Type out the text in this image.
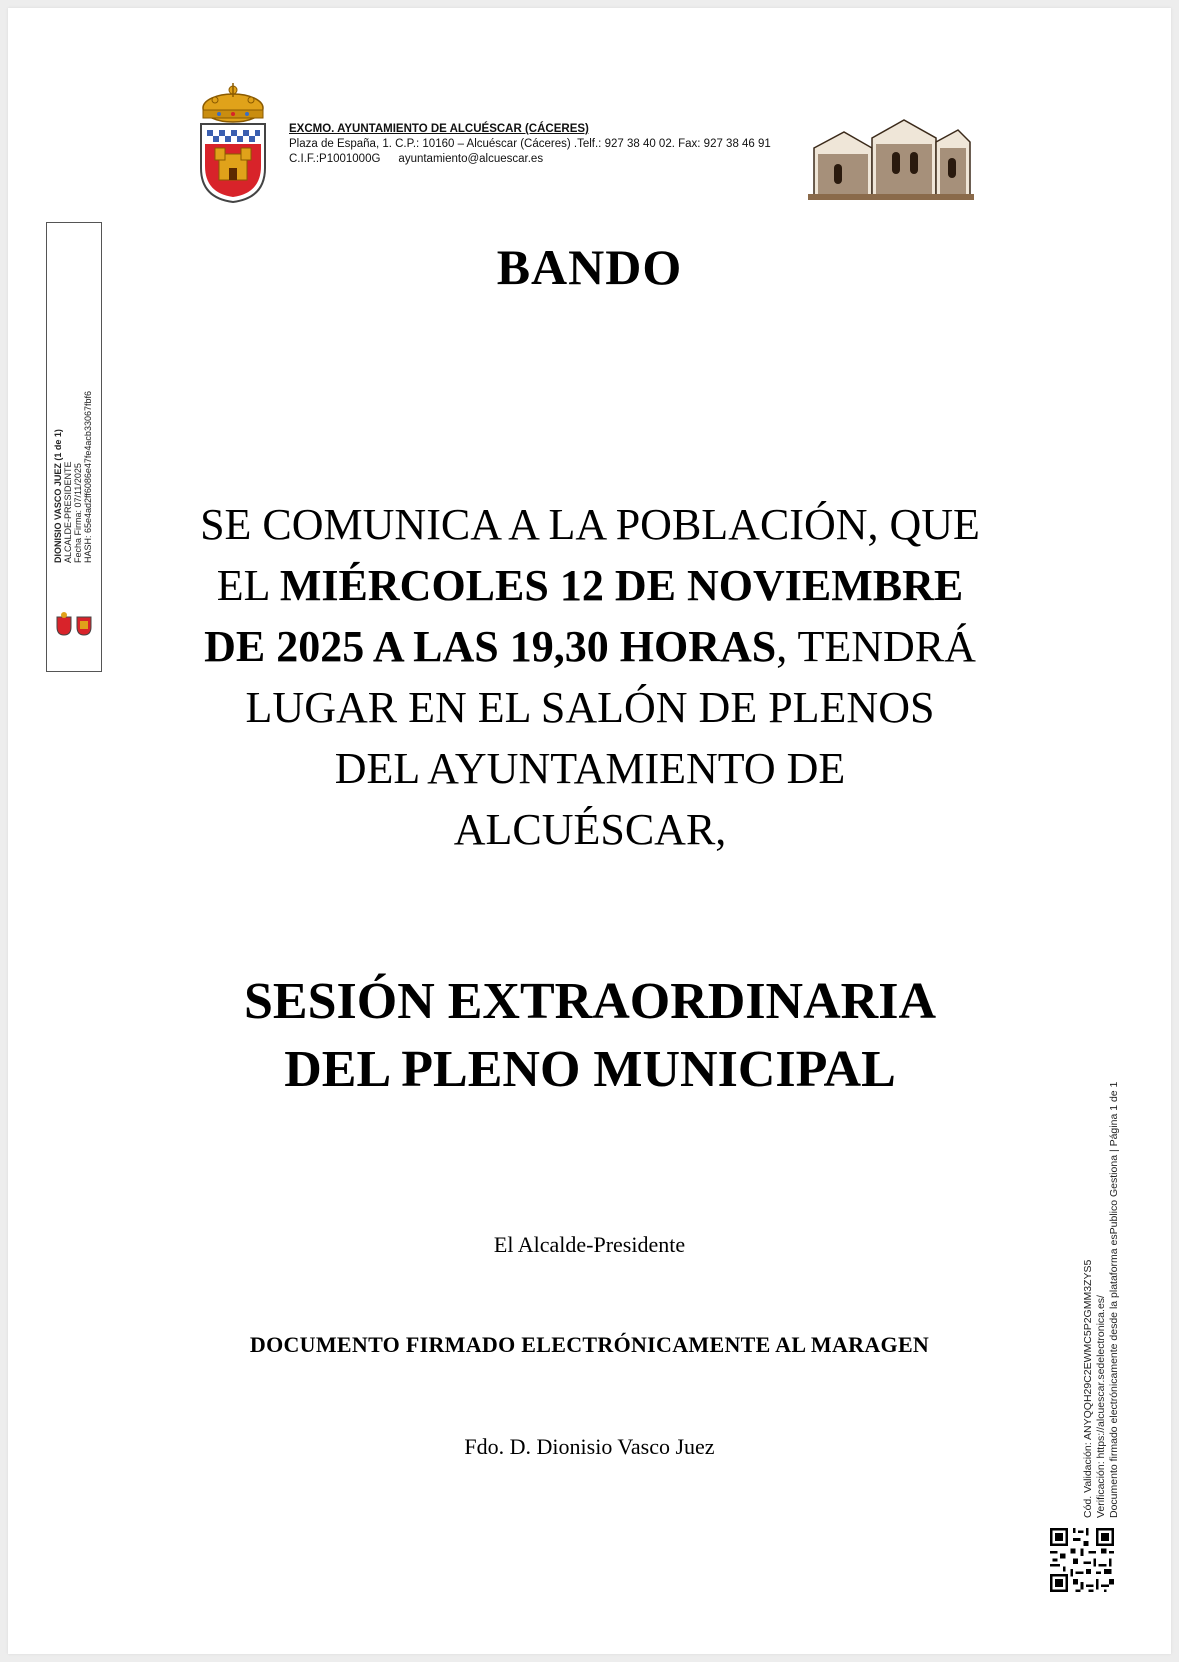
EXCMO. AYUNTAMIENTO DE ALCUÉSCAR (CÁCERES)
Plaza de España, 1. C.P.: 10160 – Alcuéscar (Cáceres) .Telf.: 927 38 40 02. Fax: 927 38 46 91
C.I.F.:P1001000G ayuntamiento@alcuescar.es
DIONISIO VASCO JUEZ (1 de 1) ALCALDE-PRESIDENTE Fecha Firma: 07/11/2025 HASH: 65e4ad2ff6086e47fe4acb33067fbf6
BANDO
SE COMUNICA A LA POBLACIÓN, QUE EL MIÉRCOLES 12 DE NOVIEMBRE DE 2025 A LAS 19,30 HORAS, TENDRÁ LUGAR EN EL SALÓN DE PLENOS DEL AYUNTAMIENTO DE ALCUÉSCAR,
SESIÓN EXTRAORDINARIA
DEL PLENO MUNICIPAL
El Alcalde-Presidente
DOCUMENTO FIRMADO ELECTRÓNICAMENTE AL MARAGEN
Fdo. D. Dionisio Vasco Juez	Cód. Validación: ANYQQH29C2EWMC5P2GMM3ZYS5 Verificación: https://alcuescar.sedelectronica.es/ Documento firmado electrónicamente desde la plataforma esPublico Gestiona | Página 1 de 1
